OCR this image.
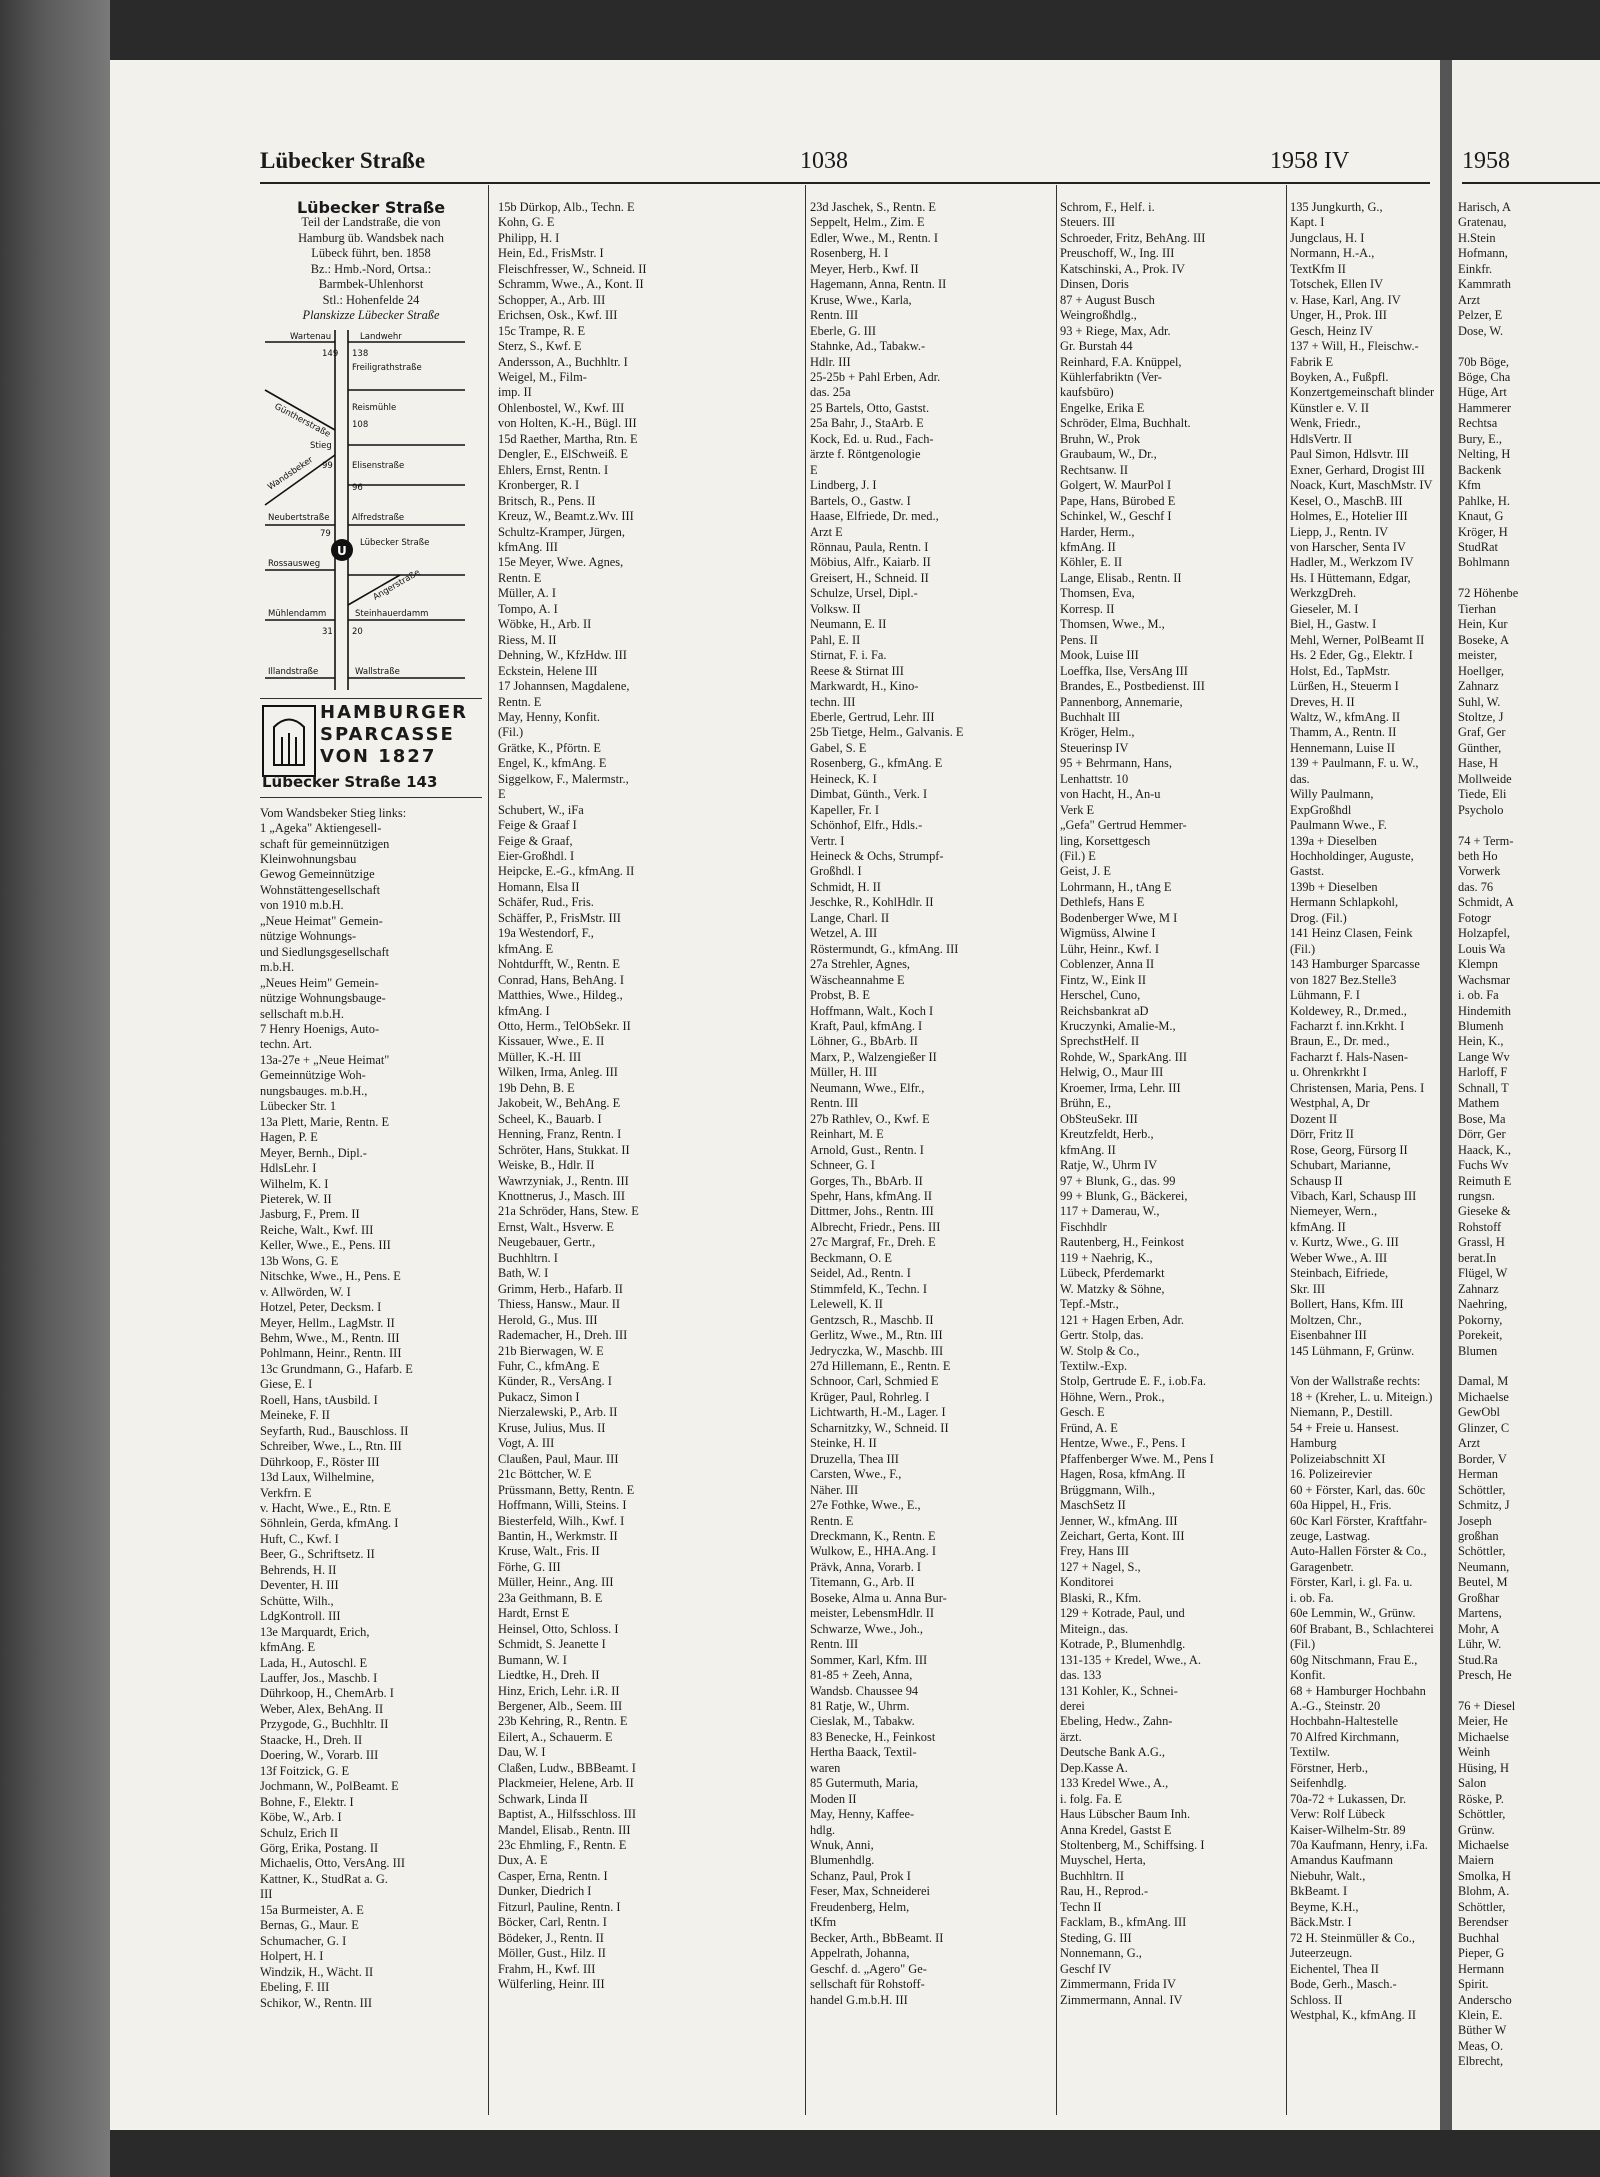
Lübecker Straße	1038	1958 IV
Lübecker Straße
Teil der Landstraße, die von
Hamburg üb. Wandsbek nach
Lübeck führt, ben. 1858
Bz.: Hmb.-Nord, Ortsa.:
Barmbek-Uhlenhorst
Stl.: Hohenfelde 24
Planskizze Lübecker Straße
U
Wartenau	Landwehr
149 138
Freiligrathstraße
Güntherstraße Reismühle
108
Stieg
Wandsbeker 99 Elisenstraße
96
Neubertstraße	Alfredstraße
79
Lübecker Straße
Rossausweg
Angerstraße
Mühlendamm	Steinhauerdamm
31 20
Illandstraße	Wallstraße
HAMBURGER
SPARCASSE
VON 1827
Lübecker Straße 143
Vom Wandsbeker Stieg links:
1 „Ageka" Aktiengesell-
schaft für gemeinnützigen
Kleinwohnungsbau
Gewog Gemeinnützige
Wohnstättengesellschaft
von 1910 m.b.H.
„Neue Heimat" Gemein-
nützige Wohnungs-
und Siedlungsgesellschaft
m.b.H.
„Neues Heim" Gemein-
nützige Wohnungsbauge-
sellschaft m.b.H.
7 Henry Hoenigs, Auto-
techn. Art.
13a-27e + „Neue Heimat"
Gemeinnützige Woh-
nungsbauges. m.b.H.,
Lübecker Str. 1
13a Plett, Marie, Rentn. E
Hagen, P. E
Meyer, Bernh., Dipl.-
HdlsLehr. I
Wilhelm, K. I
Pieterek, W. II
Jasburg, F., Prem. II
Reiche, Walt., Kwf. III
Keller, Wwe., E., Pens. III
13b Wons, G. E
Nitschke, Wwe., H., Pens. E
v. Allwörden, W. I
Hotzel, Peter, Decksm. I
Meyer, Hellm., LagMstr. II
Behm, Wwe., M., Rentn. III
Pohlmann, Heinr., Rentn. III
13c Grundmann, G., Hafarb. E
Giese, E. I
Roell, Hans, tAusbild. I
Meineke, F. II
Seyfarth, Rud., Bauschloss. II
Schreiber, Wwe., L., Rtn. III
Dührkoop, F., Röster III
13d Laux, Wilhelmine,
Verkfrn. E
v. Hacht, Wwe., E., Rtn. E
Söhnlein, Gerda, kfmAng. I
Huft, C., Kwf. I
Beer, G., Schriftsetz. II
Behrends, H. II
Deventer, H. III
Schütte, Wilh.,
LdgKontroll. III
13e Marquardt, Erich,
kfmAng. E
Lada, H., Autoschl. E
Lauffer, Jos., Maschb. I
Dührkoop, H., ChemArb. I
Weber, Alex, BehAng. II
Przygode, G., Buchhltr. II
Staacke, H., Dreh. II
Doering, W., Vorarb. III
13f Foitzick, G. E
Jochmann, W., PolBeamt. E
Bohne, F., Elektr. I
Köbe, W., Arb. I
Schulz, Erich II
Görg, Erika, Postang. II
Michaelis, Otto, VersAng. III
Kattner, K., StudRat a. G.
III
15a Burmeister, A. E
Bernas, G., Maur. E
Schumacher, G. I
Holpert, H. I
Windzik, H., Wächt. II
Ebeling, F. III
Schikor, W., Rentn. III
15b Dürkop, Alb., Techn. E
Kohn, G. E
Philipp, H. I
Hein, Ed., FrisMstr. I
Fleischfresser, W., Schneid. II
Schramm, Wwe., A., Kont. II
Schopper, A., Arb. III
Erichsen, Osk., Kwf. III
15c Trampe, R. E
Sterz, S., Kwf. E
Andersson, A., Buchhltr. I
Weigel, M., Film-
imp. II
Ohlenbostel, W., Kwf. III
von Holten, K.-H., Bügl. III
15d Raether, Martha, Rtn. E
Dengler, E., ElSchweiß. E
Ehlers, Ernst, Rentn. I
Kronberger, R. I
Britsch, R., Pens. II
Kreuz, W., Beamt.z.Wv. III
Schultz-Kramper, Jürgen,
kfmAng. III
15e Meyer, Wwe. Agnes,
Rentn. E
Müller, A. I
Tompo, A. I
Wöbke, H., Arb. II
Riess, M. II
Dehning, W., KfzHdw. III
Eckstein, Helene III
17 Johannsen, Magdalene,
Rentn. E
May, Henny, Konfit.
(Fil.)
Grätke, K., Pförtn. E
Engel, K., kfmAng. E
Siggelkow, F., Malermstr.,
E
Schubert, W., iFa
Feige & Graaf I
Feige & Graaf,
Eier-Großhdl. I
Heipcke, E.-G., kfmAng. II
Homann, Elsa II
Schäfer, Rud., Fris.
Schäffer, P., FrisMstr. III
19a Westendorf, F.,
kfmAng. E
Nohtdurfft, W., Rentn. E
Conrad, Hans, BehAng. I
Matthies, Wwe., Hildeg.,
kfmAng. I
Otto, Herm., TelObSekr. II
Kissauer, Wwe., E. II
Müller, K.-H. III
Wilken, Irma, Anleg. III
19b Dehn, B. E
Jakobeit, W., BehAng. E
Scheel, K., Bauarb. I
Henning, Franz, Rentn. I
Schröter, Hans, Stukkat. II
Weiske, B., Hdlr. II
Wawrzyniak, J., Rentn. III
Knottnerus, J., Masch. III
21a Schröder, Hans, Stew. E
Ernst, Walt., Hsverw. E
Neugebauer, Gertr.,
Buchhltrn. I
Bath, W. I
Grimm, Herb., Hafarb. II
Thiess, Hansw., Maur. II
Herold, G., Mus. III
Rademacher, H., Dreh. III
21b Bierwagen, W. E
Fuhr, C., kfmAng. E
Künder, R., VersAng. I
Pukacz, Simon I
Nierzalewski, P., Arb. II
Kruse, Julius, Mus. II
Vogt, A. III
Claußen, Paul, Maur. III
21c Böttcher, W. E
Prüssmann, Betty, Rentn. E
Hoffmann, Willi, Steins. I
Biesterfeld, Wilh., Kwf. I
Bantin, H., Werkmstr. II
Kruse, Walt., Fris. II
Förhe, G. III
Müller, Heinr., Ang. III
23a Geithmann, B. E
Hardt, Ernst E
Heinsel, Otto, Schloss. I
Schmidt, S. Jeanette I
Bumann, W. I
Liedtke, H., Dreh. II
Hinz, Erich, Lehr. i.R. II
Bergener, Alb., Seem. III
23b Kehring, R., Rentn. E
Eilert, A., Schauerm. E
Dau, W. I
Claßen, Ludw., BBBeamt. I
Plackmeier, Helene, Arb. II
Schwark, Linda II
Baptist, A., Hilfsschloss. III
Mandel, Elisab., Rentn. III
23c Ehmling, F., Rentn. E
Dux, A. E
Casper, Erna, Rentn. I
Dunker, Diedrich I
Fitzurl, Pauline, Rentn. I
Böcker, Carl, Rentn. I
Bödeker, J., Rentn. II
Möller, Gust., Hilz. II
Frahm, H., Kwf. III
Wülferling, Heinr. III
23d Jaschek, S., Rentn. E
Seppelt, Helm., Zim. E
Edler, Wwe., M., Rentn. I
Rosenberg, H. I
Meyer, Herb., Kwf. II
Hagemann, Anna, Rentn. II
Kruse, Wwe., Karla,
Rentn. III
Eberle, G. III
Stahnke, Ad., Tabakw.-
Hdlr. III
25-25b + Pahl Erben, Adr.
das. 25a
25 Bartels, Otto, Gastst.
25a Bahr, J., StaArb. E
Kock, Ed. u. Rud., Fach-
ärzte f. Röntgenologie
E
Lindberg, J. I
Bartels, O., Gastw. I
Haase, Elfriede, Dr. med.,
Arzt E
Rönnau, Paula, Rentn. I
Möbius, Alfr., Kaiarb. II
Greisert, H., Schneid. II
Schulze, Ursel, Dipl.-
Volksw. II
Neumann, E. II
Pahl, E. II
Stirnat, F. i. Fa.
Reese & Stirnat III
Markwardt, H., Kino-
techn. III
Eberle, Gertrud, Lehr. III
25b Tietge, Helm., Galvanis. E
Gabel, S. E
Rosenberg, G., kfmAng. E
Heineck, K. I
Dimbat, Günth., Verk. I
Kapeller, Fr. I
Schönhof, Elfr., Hdls.-
Vertr. I
Heineck & Ochs, Strumpf-
Großhdl. I
Schmidt, H. II
Jeschke, R., KohlHdlr. II
Lange, Charl. II
Wetzel, A. III
Röstermundt, G., kfmAng. III
27a Strehler, Agnes,
Wäscheannahme E
Probst, B. E
Hoffmann, Walt., Koch I
Kraft, Paul, kfmAng. I
Löhner, G., BbArb. II
Marx, P., Walzengießer II
Müller, H. III
Neumann, Wwe., Elfr.,
Rentn. III
27b Rathlev, O., Kwf. E
Reinhart, M. E
Arnold, Gust., Rentn. I
Schneer, G. I
Gorges, Th., BbArb. II
Spehr, Hans, kfmAng. II
Dittmer, Johs., Rentn. III
Albrecht, Friedr., Pens. III
27c Margraf, Fr., Dreh. E
Beckmann, O. E
Seidel, Ad., Rentn. I
Stimmfeld, K., Techn. I
Lelewell, K. II
Gentzsch, R., Maschb. II
Gerlitz, Wwe., M., Rtn. III
Jedryczka, W., Maschb. III
27d Hillemann, E., Rentn. E
Schnoor, Carl, Schmied E
Krüger, Paul, Rohrleg. I
Lichtwarth, H.-M., Lager. I
Scharnitzky, W., Schneid. II
Steinke, H. II
Druzella, Thea III
Carsten, Wwe., F.,
Näher. III
27e Fothke, Wwe., E.,
Rentn. E
Dreckmann, K., Rentn. E
Wulkow, E., HHA.Ang. I
Prävk, Anna, Vorarb. I
Titemann, G., Arb. II
Boseke, Alma u. Anna Bur-
meister, LebensmHdlr. II
Schwarze, Wwe., Joh.,
Rentn. III
Sommer, Karl, Kfm. III
81-85 + Zeeh, Anna,
Wandsb. Chaussee 94
81 Ratje, W., Uhrm.
Cieslak, M., Tabakw.
83 Benecke, H., Feinkost
Hertha Baack, Textil-
waren
85 Gutermuth, Maria,
Moden II
May, Henny, Kaffee-
hdlg.
Wnuk, Anni,
Blumenhdlg.
Schanz, Paul, Prok I
Feser, Max, Schneiderei
Freudenberg, Helm,
tKfm
Becker, Arth., BbBeamt. II
Appelrath, Johanna,
Geschf. d. „Agero" Ge-
sellschaft für Rohstoff-
handel G.m.b.H. III
Schrom, F., Helf. i.
Steuers. III
Schroeder, Fritz, BehAng. III
Preuschoff, W., Ing. III
Katschinski, A., Prok. IV
Dinsen, Doris
87 + August Busch
Weingroßhdlg.,
93 + Riege, Max, Adr.
Gr. Burstah 44
Reinhard, F.A. Knüppel,
Kühlerfabriktn (Ver-
kaufsbüro)
Engelke, Erika E
Schröder, Elma, Buchhalt.
Bruhn, W., Prok
Graubaum, W., Dr.,
Rechtsanw. II
Golgert, W. MaurPol I
Pape, Hans, Bürobed E
Schinkel, W., Geschf I
Harder, Herm.,
kfmAng. II
Köhler, E. II
Lange, Elisab., Rentn. II
Thomsen, Eva,
Korresp. II
Thomsen, Wwe., M.,
Pens. II
Mook, Luise III
Loeffka, Ilse, VersAng III
Brandes, E., Postbedienst. III
Pannenborg, Annemarie,
Buchhalt III
Kröger, Helm.,
Steuerinsp IV
95 + Behrmann, Hans,
Lenhattstr. 10
von Hacht, H., An-u
Verk E
„Gefa" Gertrud Hemmer-
ling, Korsettgesch
(Fil.) E
Geist, J. E
Lohrmann, H., tAng E
Dethlefs, Hans E
Bodenberger Wwe, M I
Wigmüss, Alwine I
Lühr, Heinr., Kwf. I
Coblenzer, Anna II
Fintz, W., Eink II
Herschel, Cuno,
Reichsbankrat aD
Kruczynki, Amalie-M.,
SprechstHelf. II
Rohde, W., SparkAng. III
Helwig, O., Maur III
Kroemer, Irma, Lehr. III
Brühn, E.,
ObSteuSekr. III
Kreutzfeldt, Herb.,
kfmAng. II
Ratje, W., Uhrm IV
97 + Blunk, G., das. 99
99 + Blunk, G., Bäckerei,
117 + Damerau, W.,
Fischhdlr
Rautenberg, H., Feinkost
119 + Naehrig, K.,
Lübeck, Pferdemarkt
W. Matzky & Söhne,
Tepf.-Mstr.,
121 + Hagen Erben, Adr.
Gertr. Stolp, das.
W. Stolp & Co.,
Textilw.-Exp.
Stolp, Gertrude E. F., i.ob.Fa.
Höhne, Wern., Prok.,
Gesch. E
Fründ, A. E
Hentze, Wwe., F., Pens. I
Pfaffenberger Wwe. M., Pens I
Hagen, Rosa, kfmAng. II
Brüggmann, Wilh.,
MaschSetz II
Jenner, W., kfmAng. III
Zeichart, Gerta, Kont. III
Frey, Hans III
127 + Nagel, S.,
Konditorei
Blaski, R., Kfm.
129 + Kotrade, Paul, und
Miteign., das.
Kotrade, P., Blumenhdlg.
131-135 + Kredel, Wwe., A.
das. 133
131 Kohler, K., Schnei-
derei
Ebeling, Hedw., Zahn-
ärzt.
Deutsche Bank A.G.,
Dep.Kasse A.
133 Kredel Wwe., A.,
i. folg. Fa. E
Haus Lübscher Baum Inh.
Anna Kredel, Gastst E
Stoltenberg, M., Schiffsing. I
Muyschel, Herta,
Buchhltrn. II
Rau, H., Reprod.-
Techn II
Facklam, B., kfmAng. III
Steding, G. III
Nonnemann, G.,
Geschf IV
Zimmermann, Frida IV
Zimmermann, Annal. IV
135 Jungkurth, G.,
Kapt. I
Jungclaus, H. I
Normann, H.-A.,
TextKfm II
Totschek, Ellen IV
v. Hase, Karl, Ang. IV
Unger, H., Prok. III
Gesch, Heinz IV
137 + Will, H., Fleischw.-
Fabrik E
Boyken, A., Fußpfl.
Konzertgemeinschaft blinder
Künstler e. V. II
Wenk, Friedr.,
HdlsVertr. II
Paul Simon, Hdlsvtr. III
Exner, Gerhard, Drogist III
Noack, Kurt, MaschMstr. IV
Kesel, O., MaschB. III
Holmes, E., Hotelier III
Liepp, J., Rentn. IV
von Harscher, Senta IV
Hadler, M., Werkzom IV
Hs. I Hüttemann, Edgar,
WerkzgDreh.
Gieseler, M. I
Biel, H., Gastw. I
Mehl, Werner, PolBeamt II
Hs. 2 Eder, Gg., Elektr. I
Holst, Ed., TapMstr.
Lürßen, H., Steuerm I
Dreves, H. II
Waltz, W., kfmAng. II
Thamm, A., Rentn. II
Hennemann, Luise II
139 + Paulmann, F. u. W.,
das.
Willy Paulmann,
ExpGroßhdl
Paulmann Wwe., F.
139a + Dieselben
Hochholdinger, Auguste,
Gastst.
139b + Dieselben
Hermann Schlapkohl,
Drog. (Fil.)
141 Heinz Clasen, Feink
(Fil.)
143 Hamburger Sparcasse
von 1827 Bez.Stelle3
Lühmann, F. I
Koldewey, R., Dr.med.,
Facharzt f. inn.Krkht. I
Braun, E., Dr. med.,
Facharzt f. Hals-Nasen-
u. Ohrenkrkht I
Christensen, Maria, Pens. I
Westphal, A, Dr
Dozent II
Dörr, Fritz II
Rose, Georg, Fürsorg II
Schubart, Marianne,
Schausp II
Vibach, Karl, Schausp III
Niemeyer, Wern.,
kfmAng. II
v. Kurtz, Wwe., G. III
Weber Wwe., A. III
Steinbach, Eifriede,
Skr. III
Bollert, Hans, Kfm. III
Moltzen, Chr.,
Eisenbahner III
145 Lühmann, F, Grünw.

Von der Wallstraße rechts:
18 + (Kreher, L. u. Miteign.)
Niemann, P., Destill.
54 + Freie u. Hansest.
Hamburg
Polizeiabschnitt XI
16. Polizeirevier
60 + Förster, Karl, das. 60c
60a Hippel, H., Fris.
60c Karl Förster, Kraftfahr-
zeuge, Lastwag.
Auto-Hallen Förster & Co.,
Garagenbetr.
Förster, Karl, i. gl. Fa. u.
i. ob. Fa.
60e Lemmin, W., Grünw.
60f Brabant, B., Schlachterei
(Fil.)
60g Nitschmann, Frau E.,
Konfit.
68 + Hamburger Hochbahn
A.-G., Steinstr. 20
Hochbahn-Haltestelle
70 Alfred Kirchmann,
Textilw.
Förstner, Herb.,
Seifenhdlg.
70a-72 + Lukassen, Dr.
Verw: Rolf Lübeck
Kaiser-Wilhelm-Str. 89
70a Kaufmann, Henry, i.Fa.
Amandus Kaufmann
Niebuhr, Walt.,
BkBeamt. I
Beyme, K.H.,
Bäck.Mstr. I
72 H. Steinmüller & Co.,
Juteerzeugn.
Eichentel, Thea II
Bode, Gerh., Masch.-
Schloss. II
Westphal, K., kfmAng. II
1958
Harisch, A
Gratenau,
H.Stein
Hofmann,
Einkfr.
Kammrath
Arzt
Pelzer, E
Dose, W.

70b Böge,
Böge, Cha
Hüge, Art
Hammerer
Rechtsa
Bury, E.,
Nelting, H
Backenk
Kfm
Pahlke, H.
Knaut, G
Kröger, H
StudRat
Bohlmann

72 Höhenbe
Tierhan
Hein, Kur
Boseke, A
meister,
Hoellger,
Zahnarz
Suhl, W.
Stoltze, J
Graf, Ger
Günther,
Hase, H
Mollweide
Tiede, Eli
Psycholo

74 + Term-
beth Ho
Vorwerk
das. 76
Schmidt, A
Fotogr
Holzapfel,
Louis Wa
Klempn
Wachsmar
i. ob. Fa
Hindemith
Blumenh
Hein, K.,
Lange Wv
Harloff, F
Schnall, T
Mathem
Bose, Ma
Dörr, Ger
Haack, K.,
Fuchs Wv
Reimuth E
rungsn.
Gieseke &
Rohstoff
Grassl, H
berat.In
Flügel, W
Zahnarz
Naehring,
Pokorny,
Porekeit,
Blumen

Damal, M
Michaelse
GewObl
Glinzer, C
Arzt
Border, V
Herman
Schöttler,
Schmitz, J
Joseph
großhan
Schöttler,
Neumann,
Beutel, M
Großhar
Martens,
Mohr, A
Lühr, W.
Stud.Ra
Presch, He

76 + Diesel
Meier, He
Michaelse
Weinh
Hüsing, H
Salon
Röske, P.
Schöttler,
Grünw.
Michaelse
Maiern
Smolka, H
Blohm, A.
Schöttler,
Berendser
Buchhal
Pieper, G
Hermann
Spirit.
Anderscho
Klein, E.
Büther W
Meas, O.
Elbrecht,
